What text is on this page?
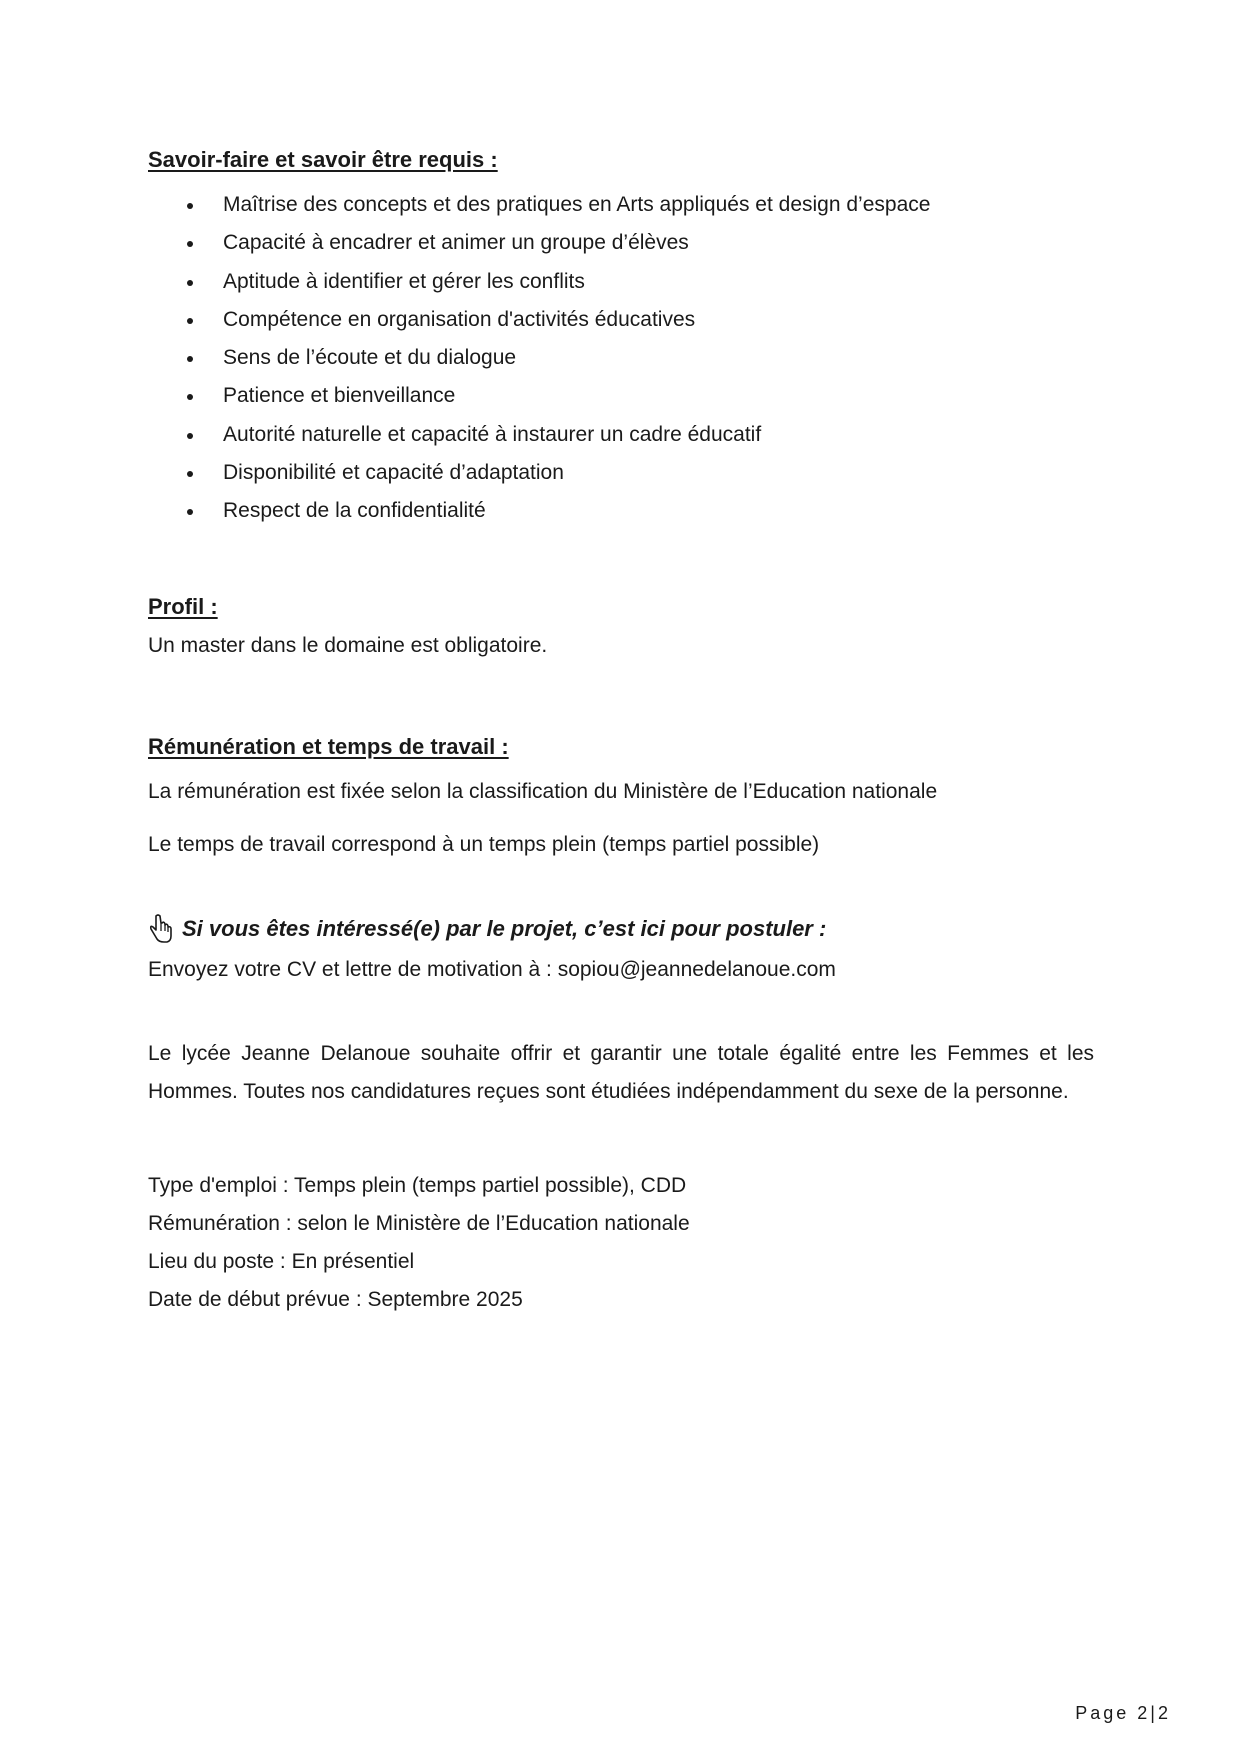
Savoir-faire et savoir être requis :
Maîtrise des concepts et des pratiques en Arts appliqués et design d’espace
Capacité à encadrer et animer un groupe d’élèves
Aptitude à identifier et gérer les conflits
Compétence en organisation d'activités éducatives
Sens de l’écoute et du dialogue
Patience et bienveillance
Autorité naturelle et capacité à instaurer un cadre éducatif
Disponibilité et capacité d’adaptation
Respect de la confidentialité
Profil :
Un master dans le domaine est obligatoire.
Rémunération et temps de travail :
La rémunération est fixée selon la classification du Ministère de l’Education nationale
Le temps de travail correspond à un temps plein (temps partiel possible)
Si vous êtes intéressé(e) par le projet, c’est ici pour postuler :
Envoyez votre CV et lettre de motivation à : sopiou@jeannedelanoue.com
Le lycée Jeanne Delanoue souhaite offrir et garantir une totale égalité entre les Femmes et les Hommes. Toutes nos candidatures reçues sont étudiées indépendamment du sexe de la personne.
Type d'emploi : Temps plein (temps partiel possible), CDD
Rémunération : selon le Ministère de l’Education nationale
Lieu du poste : En présentiel
Date de début prévue : Septembre 2025
Page 2|2
